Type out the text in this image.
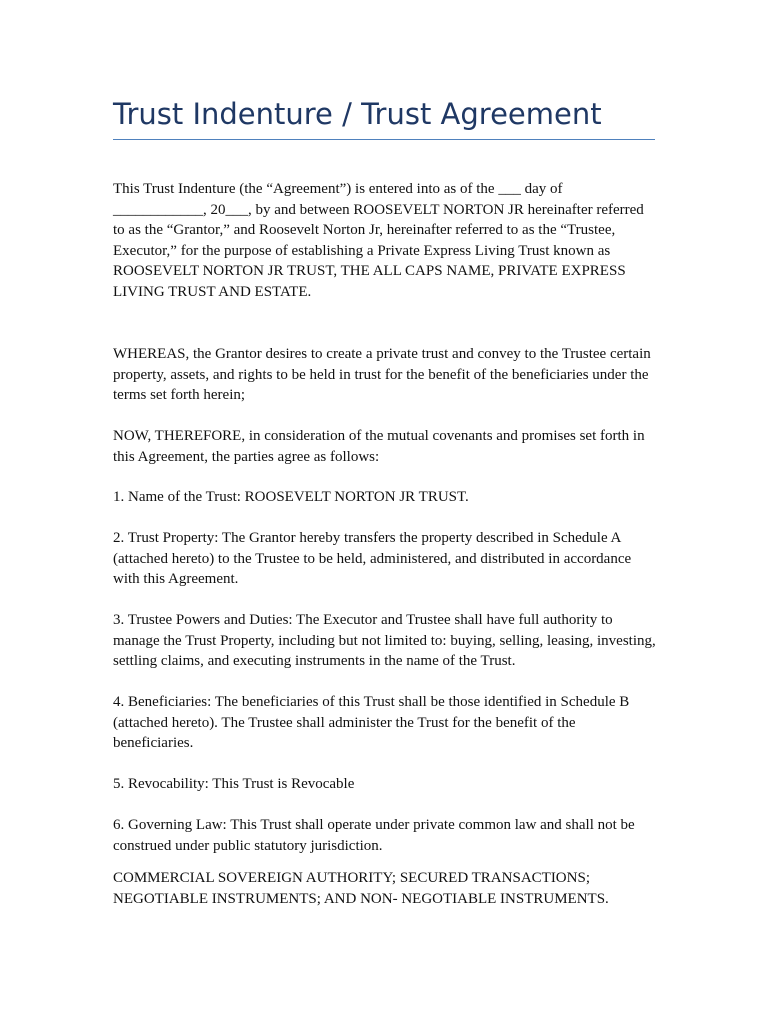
Trust Indenture / Trust Agreement

This Trust Indenture (the “Agreement”) is entered into as of the ___ day of ____________, 20___, by and between ROOSEVELT NORTON JR hereinafter referred to as the “Grantor,” and Roosevelt Norton Jr, hereinafter referred to as the “Trustee, Executor,” for the purpose of establishing a Private Express Living Trust known as ROOSEVELT NORTON JR TRUST, THE ALL CAPS NAME, PRIVATE EXPRESS LIVING TRUST AND ESTATE.

WHEREAS, the Grantor desires to create a private trust and convey to the Trustee certain property, assets, and rights to be held in trust for the benefit of the beneficiaries under the terms set forth herein;

NOW, THEREFORE, in consideration of the mutual covenants and promises set forth in this Agreement, the parties agree as follows:

1. Name of the Trust: ROOSEVELT NORTON JR TRUST.

2. Trust Property: The Grantor hereby transfers the property described in Schedule A (attached hereto) to the Trustee to be held, administered, and distributed in accordance with this Agreement.

3. Trustee Powers and Duties: The Executor and Trustee shall have full authority to manage the Trust Property, including but not limited to: buying, selling, leasing, investing, settling claims, and executing instruments in the name of the Trust.

4. Beneficiaries: The beneficiaries of this Trust shall be those identified in Schedule B (attached hereto). The Trustee shall administer the Trust for the benefit of the beneficiaries.

5. Revocability: This Trust is Revocable

6. Governing Law: This Trust shall operate under private common law and shall not be construed under public statutory jurisdiction.

COMMERCIAL SOVEREIGN AUTHORITY; SECURED TRANSACTIONS; NEGOTIABLE INSTRUMENTS; AND NON- NEGOTIABLE INSTRUMENTS.
